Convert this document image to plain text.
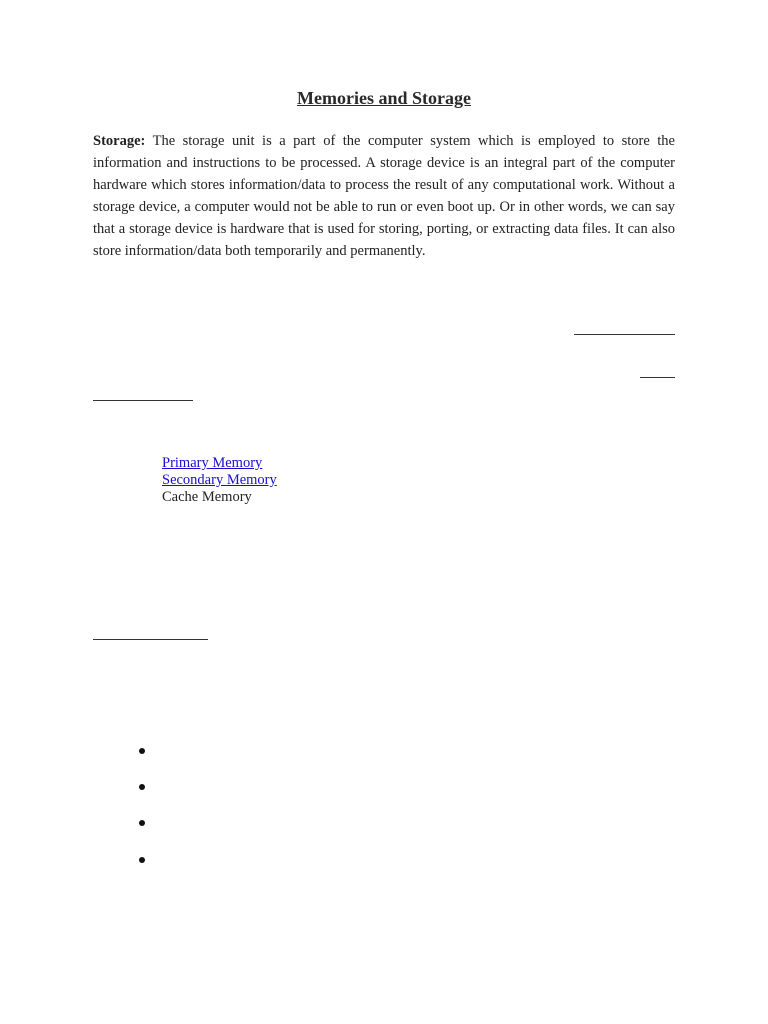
Memories and Storage

Storage: The storage unit is a part of the computer system which is employed to store the information and instructions to be processed. A storage device is an integral part of the computer hardware which stores information/data to process the result of any computational work. Without a storage device, a computer would not be able to run or even boot up. Or in other words, we can say that a storage device is hardware that is used for storing, porting, or extracting data files. It can also store information/data both temporarily and permanently.

Primary Memory
Secondary Memory
Cache Memory
